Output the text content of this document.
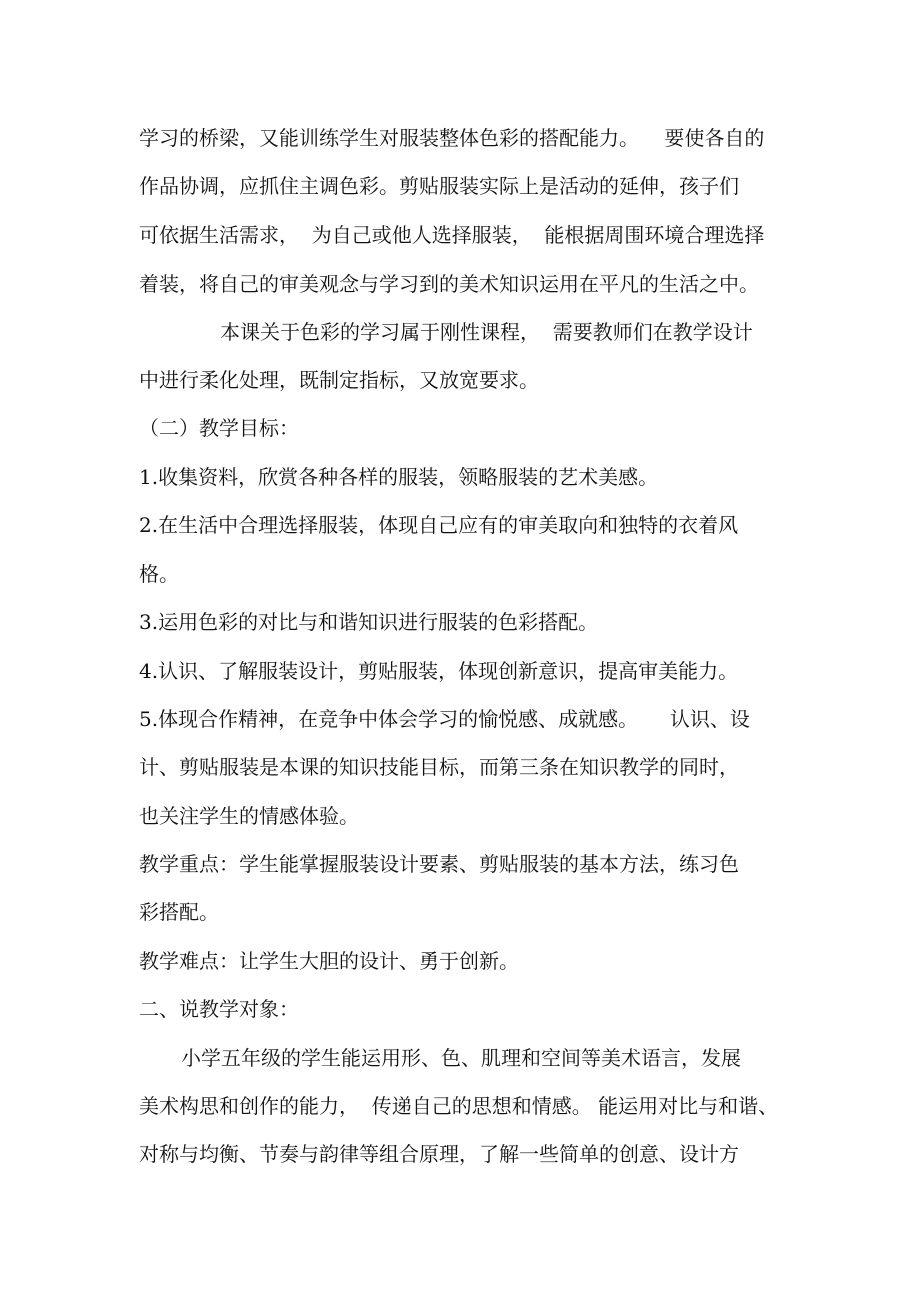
学习的桥梁，又能训练学生对服装整体色彩的搭配能力。    要使各自的

作品协调，应抓住主调色彩。剪贴服装实际上是活动的延伸，孩子们

可依据生活需求，  为自己或他人选择服装，  能根据周围环境合理选择

着装，将自己的审美观念与学习到的美术知识运用在平凡的生活之中。

本课关于色彩的学习属于刚性课程，  需要教师们在教学设计

中进行柔化处理，既制定指标，又放宽要求。

（二）教学目标：

1.收集资料，欣赏各种各样的服装，领略服装的艺术美感。

2.在生活中合理选择服装，体现自己应有的审美取向和独特的衣着风

格。

3.运用色彩的对比与和谐知识进行服装的色彩搭配。

4.认识、了解服装设计，剪贴服装，体现创新意识，提高审美能力。

5.体现合作精神，在竞争中体会学习的愉悦感、成就感。     认识、设

计、剪贴服装是本课的知识技能目标，而第三条在知识教学的同时，

也关注学生的情感体验。

教学重点：学生能掌握服装设计要素、剪贴服装的基本方法，练习色

彩搭配。

教学难点：让学生大胆的设计、勇于创新。

二、说教学对象：

小学五年级的学生能运用形、色、肌理和空间等美术语言，发展

美术构思和创作的能力，  传递自己的思想和情感。 能运用对比与和谐、

对称与均衡、节奏与韵律等组合原理，了解一些简单的创意、设计方
